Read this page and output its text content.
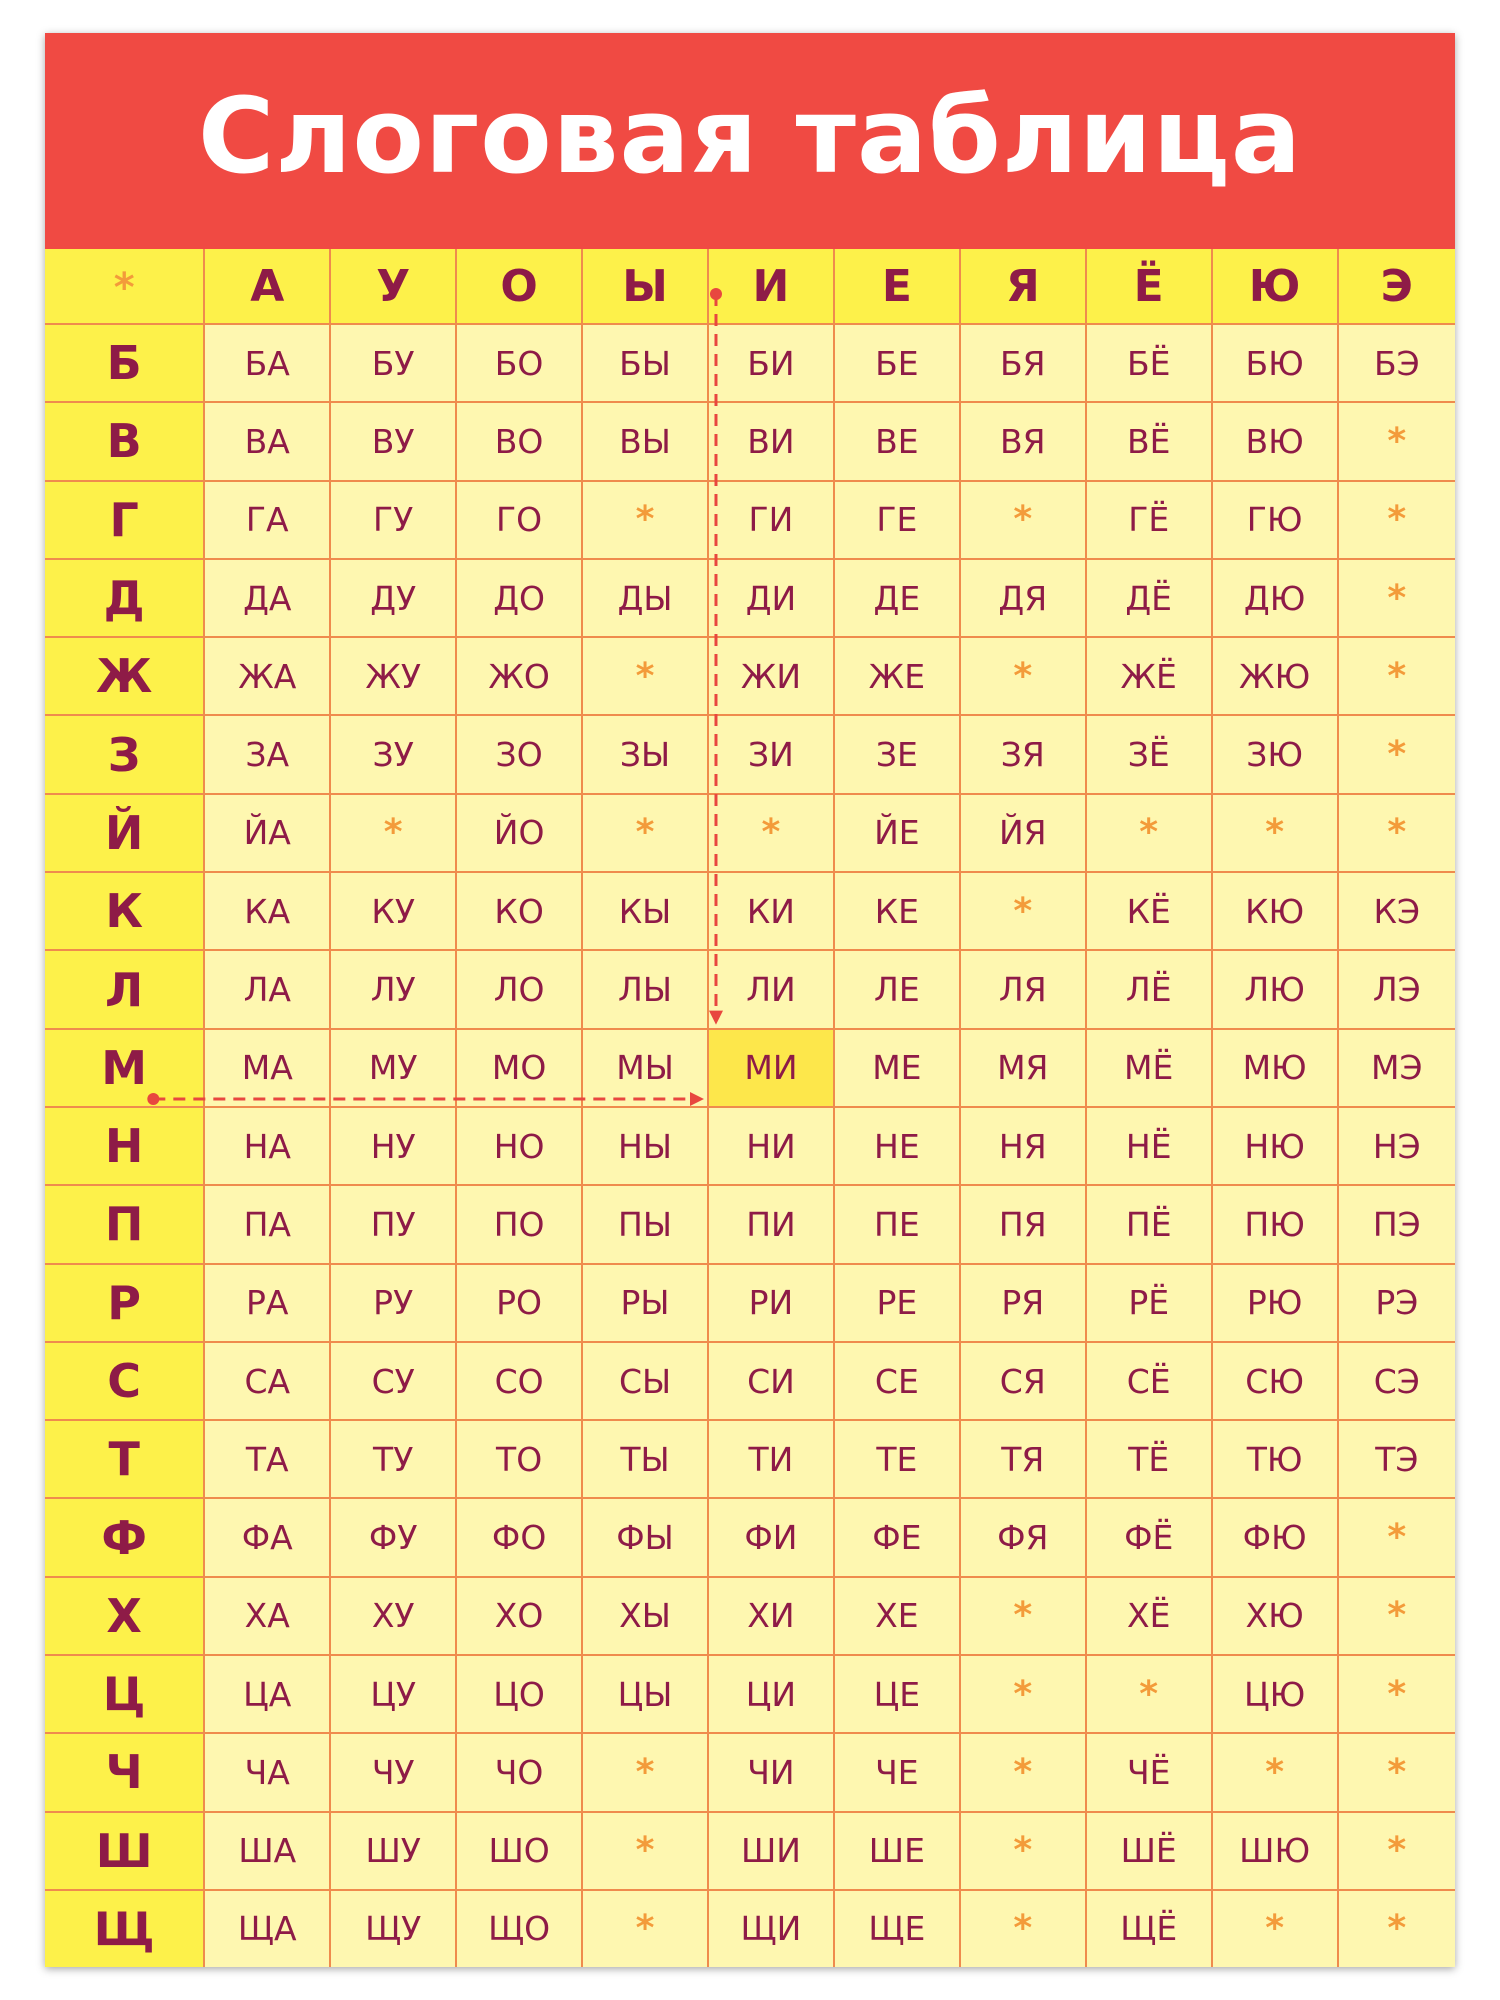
Слоговая таблица
*	А	У	О	Ы	И	Е	Я	Ё	Ю	Э
Б	БА	БУ	БО	БЫ	БИ	БЕ	БЯ	БЁ	БЮ	БЭ
В	ВА	ВУ	ВО	ВЫ	ВИ	ВЕ	ВЯ	ВЁ	ВЮ	*
Г	ГА	ГУ	ГО	*	ГИ	ГЕ	*	ГЁ	ГЮ	*
Д	ДА	ДУ	ДО	ДЫ	ДИ	ДЕ	ДЯ	ДЁ	ДЮ	*
Ж	ЖА	ЖУ	ЖО	*	ЖИ	ЖЕ	*	ЖЁ	ЖЮ	*
З	ЗА	ЗУ	ЗО	ЗЫ	ЗИ	ЗЕ	ЗЯ	ЗЁ	ЗЮ	*
Й	ЙА	*	ЙО	*	*	ЙЕ	ЙЯ	*	*	*
К	КА	КУ	КО	КЫ	КИ	КЕ	*	КЁ	КЮ	КЭ
Л	ЛА	ЛУ	ЛО	ЛЫ	ЛИ	ЛЕ	ЛЯ	ЛЁ	ЛЮ	ЛЭ
М	МА	МУ	МО	МЫ	МИ	МЕ	МЯ	МЁ	МЮ	МЭ
Н	НА	НУ	НО	НЫ	НИ	НЕ	НЯ	НЁ	НЮ	НЭ
П	ПА	ПУ	ПО	ПЫ	ПИ	ПЕ	ПЯ	ПЁ	ПЮ	ПЭ
Р	РА	РУ	РО	РЫ	РИ	РЕ	РЯ	РЁ	РЮ	РЭ
С	СА	СУ	СО	СЫ	СИ	СЕ	СЯ	СЁ	СЮ	СЭ
Т	ТА	ТУ	ТО	ТЫ	ТИ	ТЕ	ТЯ	ТЁ	ТЮ	ТЭ
Ф	ФА	ФУ	ФО	ФЫ	ФИ	ФЕ	ФЯ	ФЁ	ФЮ	*
Х	ХА	ХУ	ХО	ХЫ	ХИ	ХЕ	*	ХЁ	ХЮ	*
Ц	ЦА	ЦУ	ЦО	ЦЫ	ЦИ	ЦЕ	*	*	ЦЮ	*
Ч	ЧА	ЧУ	ЧО	*	ЧИ	ЧЕ	*	ЧЁ	*	*
Ш	ША	ШУ	ШО	*	ШИ	ШЕ	*	ШЁ	ШЮ	*
Щ	ЩА	ЩУ	ЩО	*	ЩИ	ЩЕ	*	ЩЁ	*	*
